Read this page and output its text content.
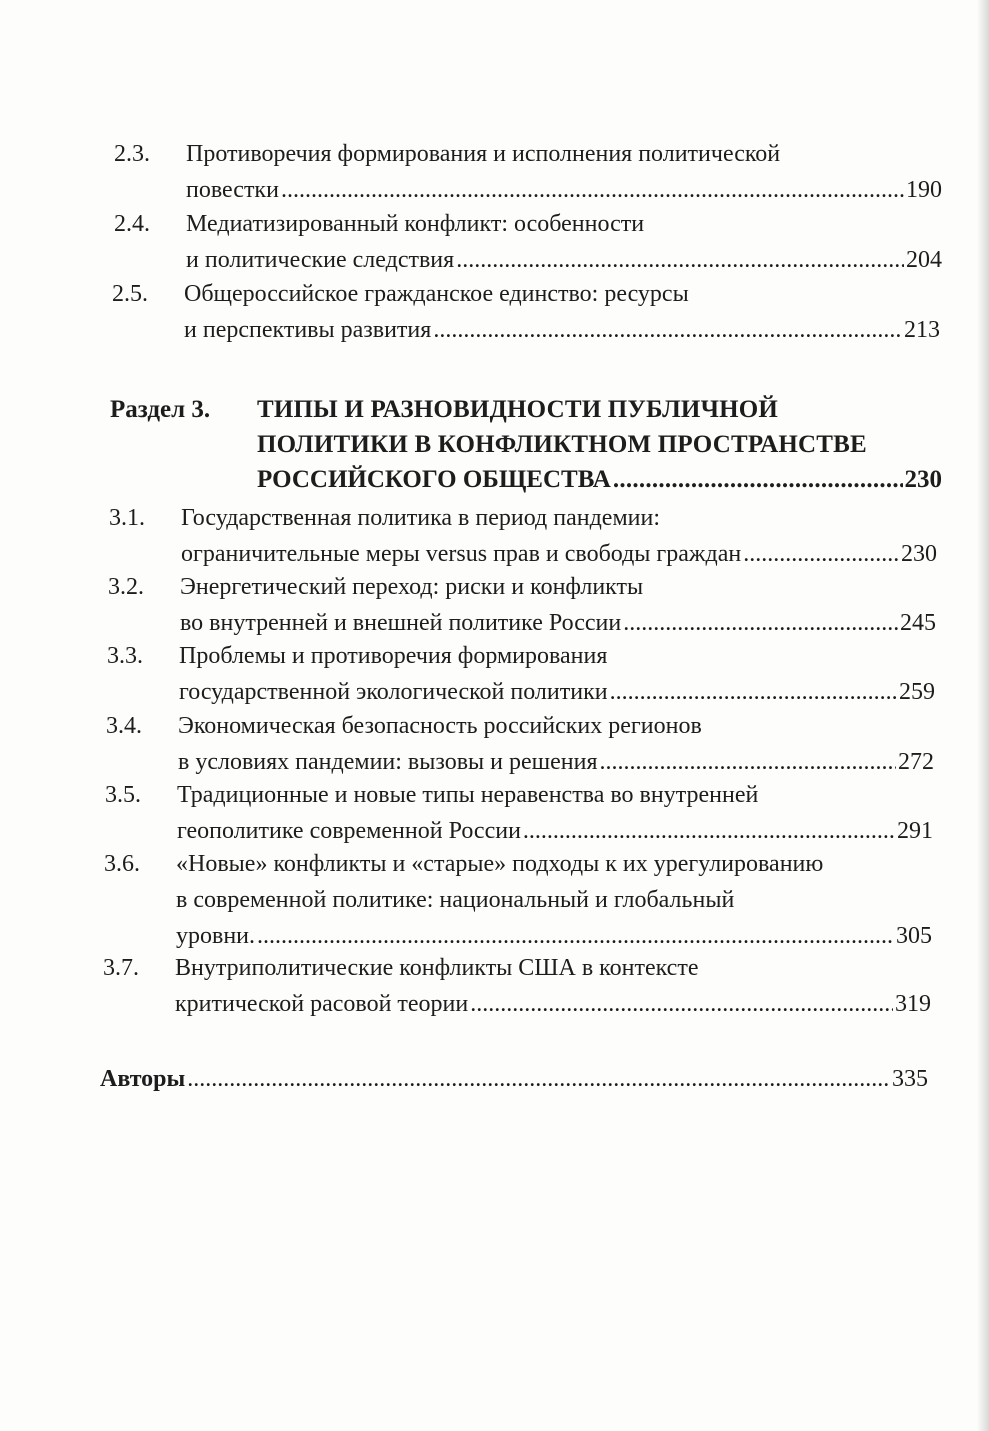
2.3. Противоречия формирования и исполнения политической
повестки . . .	190
2.4. Медиатизированный конфликт: особенности
и политические следствия . . .	204
2.5. Общероссийское гражданское единство: ресурсы
и перспективы развития . . .	213
Раздел 3. ТИПЫ И РАЗНОВИДНОСТИ ПУБЛИЧНОЙ
ПОЛИТИКИ В КОНФЛИКТНОМ ПРОСТРАНСТВЕ
РОССИЙСКОГО ОБЩЕСТВА . . .	230
3.1. Государственная политика в период пандемии:
ограничительные меры versus прав и свободы граждан . . .	230
3.2. Энергетический переход: риски и конфликты
во внутренней и внешней политике России . . .	245
3.3. Проблемы и противоречия формирования
государственной экологической политики . . .	259
3.4. Экономическая безопасность российских регионов
в условиях пандемии: вызовы и решения . . .	272
3.5. Традиционные и новые типы неравенства во внутренней
геополитике современной России . . .	291
3.6. «Новые» конфликты и «старые» подходы к их урегулированию
в современной политике: национальный и глобальный
уровни. . . .	305
3.7. Внутриполитические конфликты США в контексте
критической расовой теории . . .	319
Авторы . . .	335
